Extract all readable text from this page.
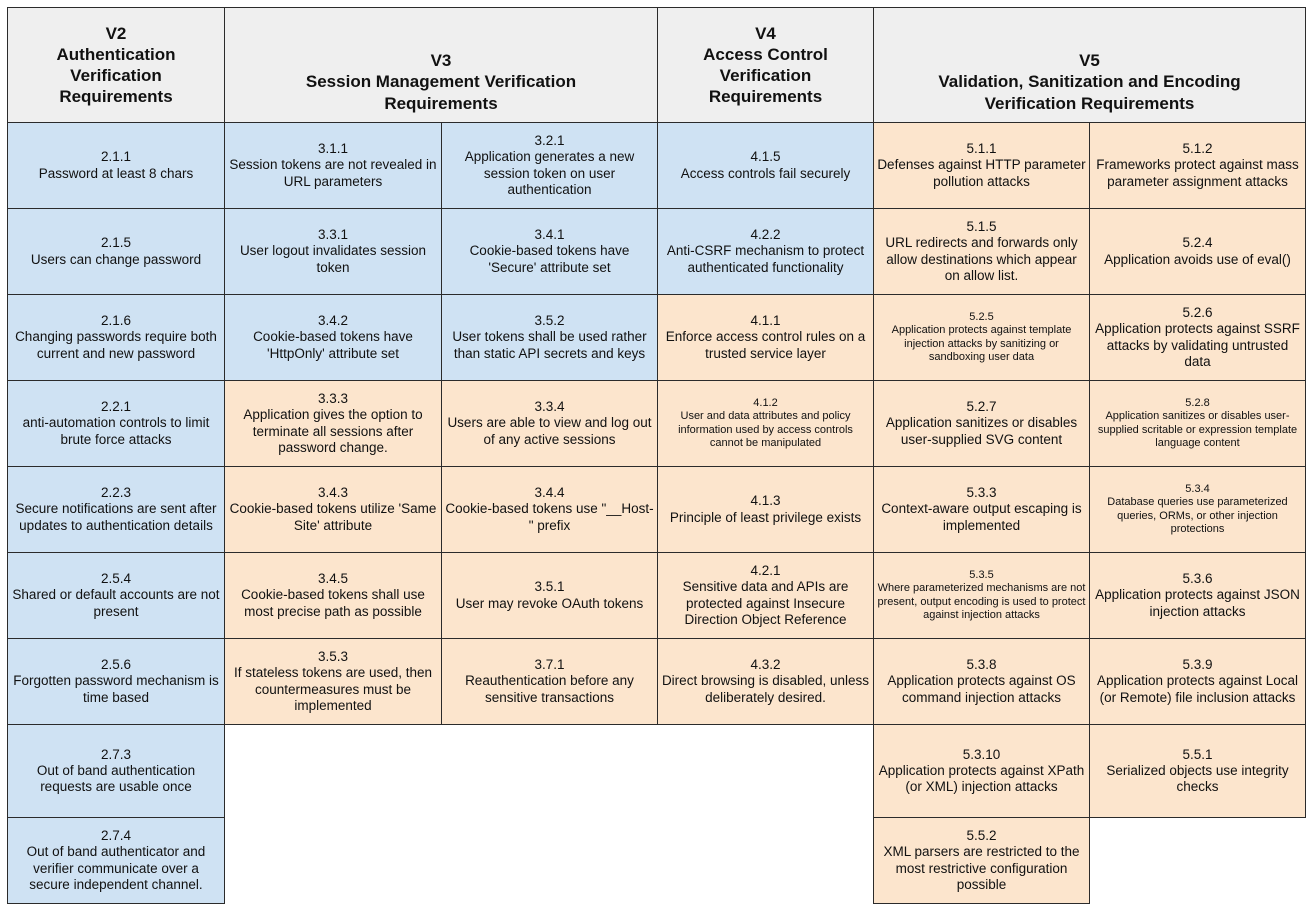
V2
Authentication Verification Requirements
V3
Session Management Verification Requirements
V4
Access Control Verification Requirements
V5
Validation, Sanitization and Encoding Verification Requirements
2.1.1
Password at least 8 chars
2.1.5
Users can change password
2.1.6
Changing passwords require both current and new password
2.2.1
anti-automation controls to limit brute force attacks
2.2.3
Secure notifications are sent after updates to authentication details
2.5.4
Shared or default accounts are not present
2.5.6
Forgotten password mechanism is time based
2.7.3
Out of band authentication requests are usable once
2.7.4
Out of band authenticator and verifier communicate over a secure independent channel.
3.1.1
Session tokens are not revealed in URL parameters
3.3.1
User logout invalidates session token
3.4.2
Cookie-based tokens have 'HttpOnly' attribute set
3.3.3
Application gives the option to terminate all sessions after password change.
3.4.3
Cookie-based tokens utilize 'Same Site' attribute
3.4.5
Cookie-based tokens shall use most precise path as possible
3.5.3
If stateless tokens are used, then countermeasures must be implemented
3.2.1
Application generates a new session token on user authentication
3.4.1
Cookie-based tokens have 'Secure' attribute set
3.5.2
User tokens shall be used rather than static API secrets and keys
3.3.4
Users are able to view and log out of any active sessions
3.4.4
Cookie-based tokens use "__Host-" prefix
3.5.1
User may revoke OAuth tokens
3.7.1
Reauthentication before any sensitive transactions
4.1.5
Access controls fail securely
4.2.2
Anti-CSRF mechanism to protect authenticated functionality
4.1.1
Enforce access control rules on a trusted service layer
4.1.2
User and data attributes and policy information used by access controls cannot be manipulated
4.1.3
Principle of least privilege exists
4.2.1
Sensitive data and APIs are protected against Insecure Direction Object Reference
4.3.2
Direct browsing is disabled, unless deliberately desired.
5.1.1
Defenses against HTTP parameter pollution attacks
5.1.5
URL redirects and forwards only allow destinations which appear on allow list.
5.2.5
Application protects against template injection attacks by sanitizing or sandboxing user data
5.2.7
Application sanitizes or disables user-supplied SVG content
5.3.3
Context-aware output escaping is implemented
5.3.5
Where parameterized mechanisms are not present, output encoding is used to protect against injection attacks
5.3.8
Application protects against OS command injection attacks
5.3.10
Application protects against XPath (or XML) injection attacks
5.5.2
XML parsers are restricted to the most restrictive configuration possible
5.1.2
Frameworks protect against mass parameter assignment attacks
5.2.4
Application avoids use of eval()
5.2.6
Application protects against SSRF attacks by validating untrusted data
5.2.8
Application sanitizes or disables user-supplied scritable or expression template language content
5.3.4
Database queries use parameterized queries, ORMs, or other injection protections
5.3.6
Application protects against JSON injection attacks
5.3.9
Application protects against Local (or Remote) file inclusion attacks
5.5.1
Serialized objects use integrity checks
